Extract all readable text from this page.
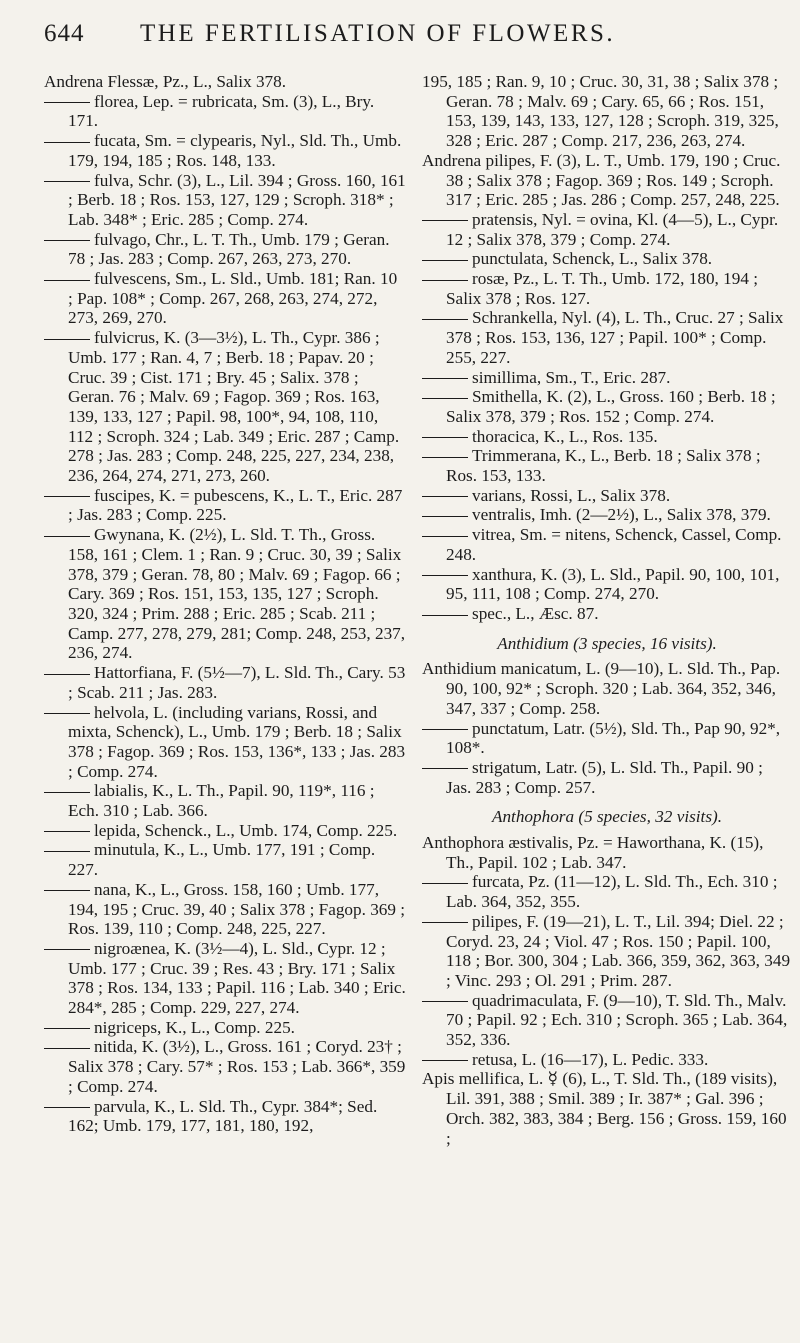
644 THE FERTILISATION OF FLOWERS.

Andrena Flessæ, Pz., L., Salix 378.

florea, Lep. = rubricata, Sm. (3), L., Bry. 171.

fucata, Sm. = clypearis, Nyl., Sld. Th., Umb. 179, 194, 185 ; Ros. 148, 133.

fulva, Schr. (3), L., Lil. 394 ; Gross. 160, 161 ; Berb. 18 ; Ros. 153, 127, 129 ; Scroph. 318* ; Lab. 348* ; Eric. 285 ; Comp. 274.

fulvago, Chr., L. T. Th., Umb. 179 ; Geran. 78 ; Jas. 283 ; Comp. 267, 263, 273, 270.

fulvescens, Sm., L. Sld., Umb. 181; Ran. 10 ; Pap. 108* ; Comp. 267, 268, 263, 274, 272, 273, 269, 270.

fulvicrus, K. (3—3½), L. Th., Cypr. 386 ; Umb. 177 ; Ran. 4, 7 ; Berb. 18 ; Papav. 20 ; Cruc. 39 ; Cist. 171 ; Bry. 45 ; Salix. 378 ; Geran. 76 ; Malv. 69 ; Fagop. 369 ; Ros. 163, 139, 133, 127 ; Papil. 98, 100*, 94, 108, 110, 112 ; Scroph. 324 ; Lab. 349 ; Eric. 287 ; Camp. 278 ; Jas. 283 ; Comp. 248, 225, 227, 234, 238, 236, 264, 274, 271, 273, 260.

fuscipes, K. = pubescens, K., L. T., Eric. 287 ; Jas. 283 ; Comp. 225.

Gwynana, K. (2½), L. Sld. T. Th., Gross. 158, 161 ; Clem. 1 ; Ran. 9 ; Cruc. 30, 39 ; Salix 378, 379 ; Geran. 78, 80 ; Malv. 69 ; Fagop. 66 ; Cary. 369 ; Ros. 151, 153, 135, 127 ; Scroph. 320, 324 ; Prim. 288 ; Eric. 285 ; Scab. 211 ; Camp. 277, 278, 279, 281; Comp. 248, 253, 237, 236, 274.

Hattorfiana, F. (5½—7), L. Sld. Th., Cary. 53 ; Scab. 211 ; Jas. 283.

helvola, L. (including varians, Rossi, and mixta, Schenck), L., Umb. 179 ; Berb. 18 ; Salix 378 ; Fagop. 369 ; Ros. 153, 136*, 133 ; Jas. 283 ; Comp. 274.

labialis, K., L. Th., Papil. 90, 119*, 116 ; Ech. 310 ; Lab. 366.

lepida, Schenck., L., Umb. 174, Comp. 225.

minutula, K., L., Umb. 177, 191 ; Comp. 227.

nana, K., L., Gross. 158, 160 ; Umb. 177, 194, 195 ; Cruc. 39, 40 ; Salix 378 ; Fagop. 369 ; Ros. 139, 110 ; Comp. 248, 225, 227.

nigroænea, K. (3½—4), L. Sld., Cypr. 12 ; Umb. 177 ; Cruc. 39 ; Res. 43 ; Bry. 171 ; Salix 378 ; Ros. 134, 133 ; Papil. 116 ; Lab. 340 ; Eric. 284*, 285 ; Comp. 229, 227, 274.

nigriceps, K., L., Comp. 225.

nitida, K. (3½), L., Gross. 161 ; Coryd. 23† ; Salix 378 ; Cary. 57* ; Ros. 153 ; Lab. 366*, 359 ; Comp. 274.

parvula, K., L. Sld. Th., Cypr. 384*; Sed. 162; Umb. 179, 177, 181, 180, 192,

195, 185 ; Ran. 9, 10 ; Cruc. 30, 31, 38 ; Salix 378 ; Geran. 78 ; Malv. 69 ; Cary. 65, 66 ; Ros. 151, 153, 139, 143, 133, 127, 128 ; Scroph. 319, 325, 328 ; Eric. 287 ; Comp. 217, 236, 263, 274.

Andrena pilipes, F. (3), L. T., Umb. 179, 190 ; Cruc. 38 ; Salix 378 ; Fagop. 369 ; Ros. 149 ; Scroph. 317 ; Eric. 285 ; Jas. 286 ; Comp. 257, 248, 225.

pratensis, Nyl. = ovina, Kl. (4—5), L., Cypr. 12 ; Salix 378, 379 ; Comp. 274.

punctulata, Schenck, L., Salix 378.

rosæ, Pz., L. T. Th., Umb. 172, 180, 194 ; Salix 378 ; Ros. 127.

Schrankella, Nyl. (4), L. Th., Cruc. 27 ; Salix 378 ; Ros. 153, 136, 127 ; Papil. 100* ; Comp. 255, 227.

simillima, Sm., T., Eric. 287.

Smithella, K. (2), L., Gross. 160 ; Berb. 18 ; Salix 378, 379 ; Ros. 152 ; Comp. 274.

thoracica, K., L., Ros. 135.

Trimmerana, K., L., Berb. 18 ; Salix 378 ; Ros. 153, 133.

varians, Rossi, L., Salix 378.

ventralis, Imh. (2—2½), L., Salix 378, 379.

vitrea, Sm. = nitens, Schenck, Cassel, Comp. 248.

xanthura, K. (3), L. Sld., Papil. 90, 100, 101, 95, 111, 108 ; Comp. 274, 270.

spec., L., Æsc. 87.

Anthidium (3 species, 16 visits).

Anthidium manicatum, L. (9—10), L. Sld. Th., Pap. 90, 100, 92* ; Scroph. 320 ; Lab. 364, 352, 346, 347, 337 ; Comp. 258.

punctatum, Latr. (5½), Sld. Th., Pap 90, 92*, 108*.

strigatum, Latr. (5), L. Sld. Th., Papil. 90 ; Jas. 283 ; Comp. 257.

Anthophora (5 species, 32 visits).

Anthophora æstivalis, Pz. = Haworthana, K. (15), Th., Papil. 102 ; Lab. 347.

furcata, Pz. (11—12), L. Sld. Th., Ech. 310 ; Lab. 364, 352, 355.

pilipes, F. (19—21), L. T., Lil. 394; Diel. 22 ; Coryd. 23, 24 ; Viol. 47 ; Ros. 150 ; Papil. 100, 118 ; Bor. 300, 304 ; Lab. 366, 359, 362, 363, 349 ; Vinc. 293 ; Ol. 291 ; Prim. 287.

quadrimaculata, F. (9—10), T. Sld. Th., Malv. 70 ; Papil. 92 ; Ech. 310 ; Scroph. 365 ; Lab. 364, 352, 336.

retusa, L. (16—17), L. Pedic. 333.

Apis mellifica, L. ☿ (6), L., T. Sld. Th., (189 visits), Lil. 391, 388 ; Smil. 389 ; Ir. 387* ; Gal. 396 ; Orch. 382, 383, 384 ; Berg. 156 ; Gross. 159, 160 ;
